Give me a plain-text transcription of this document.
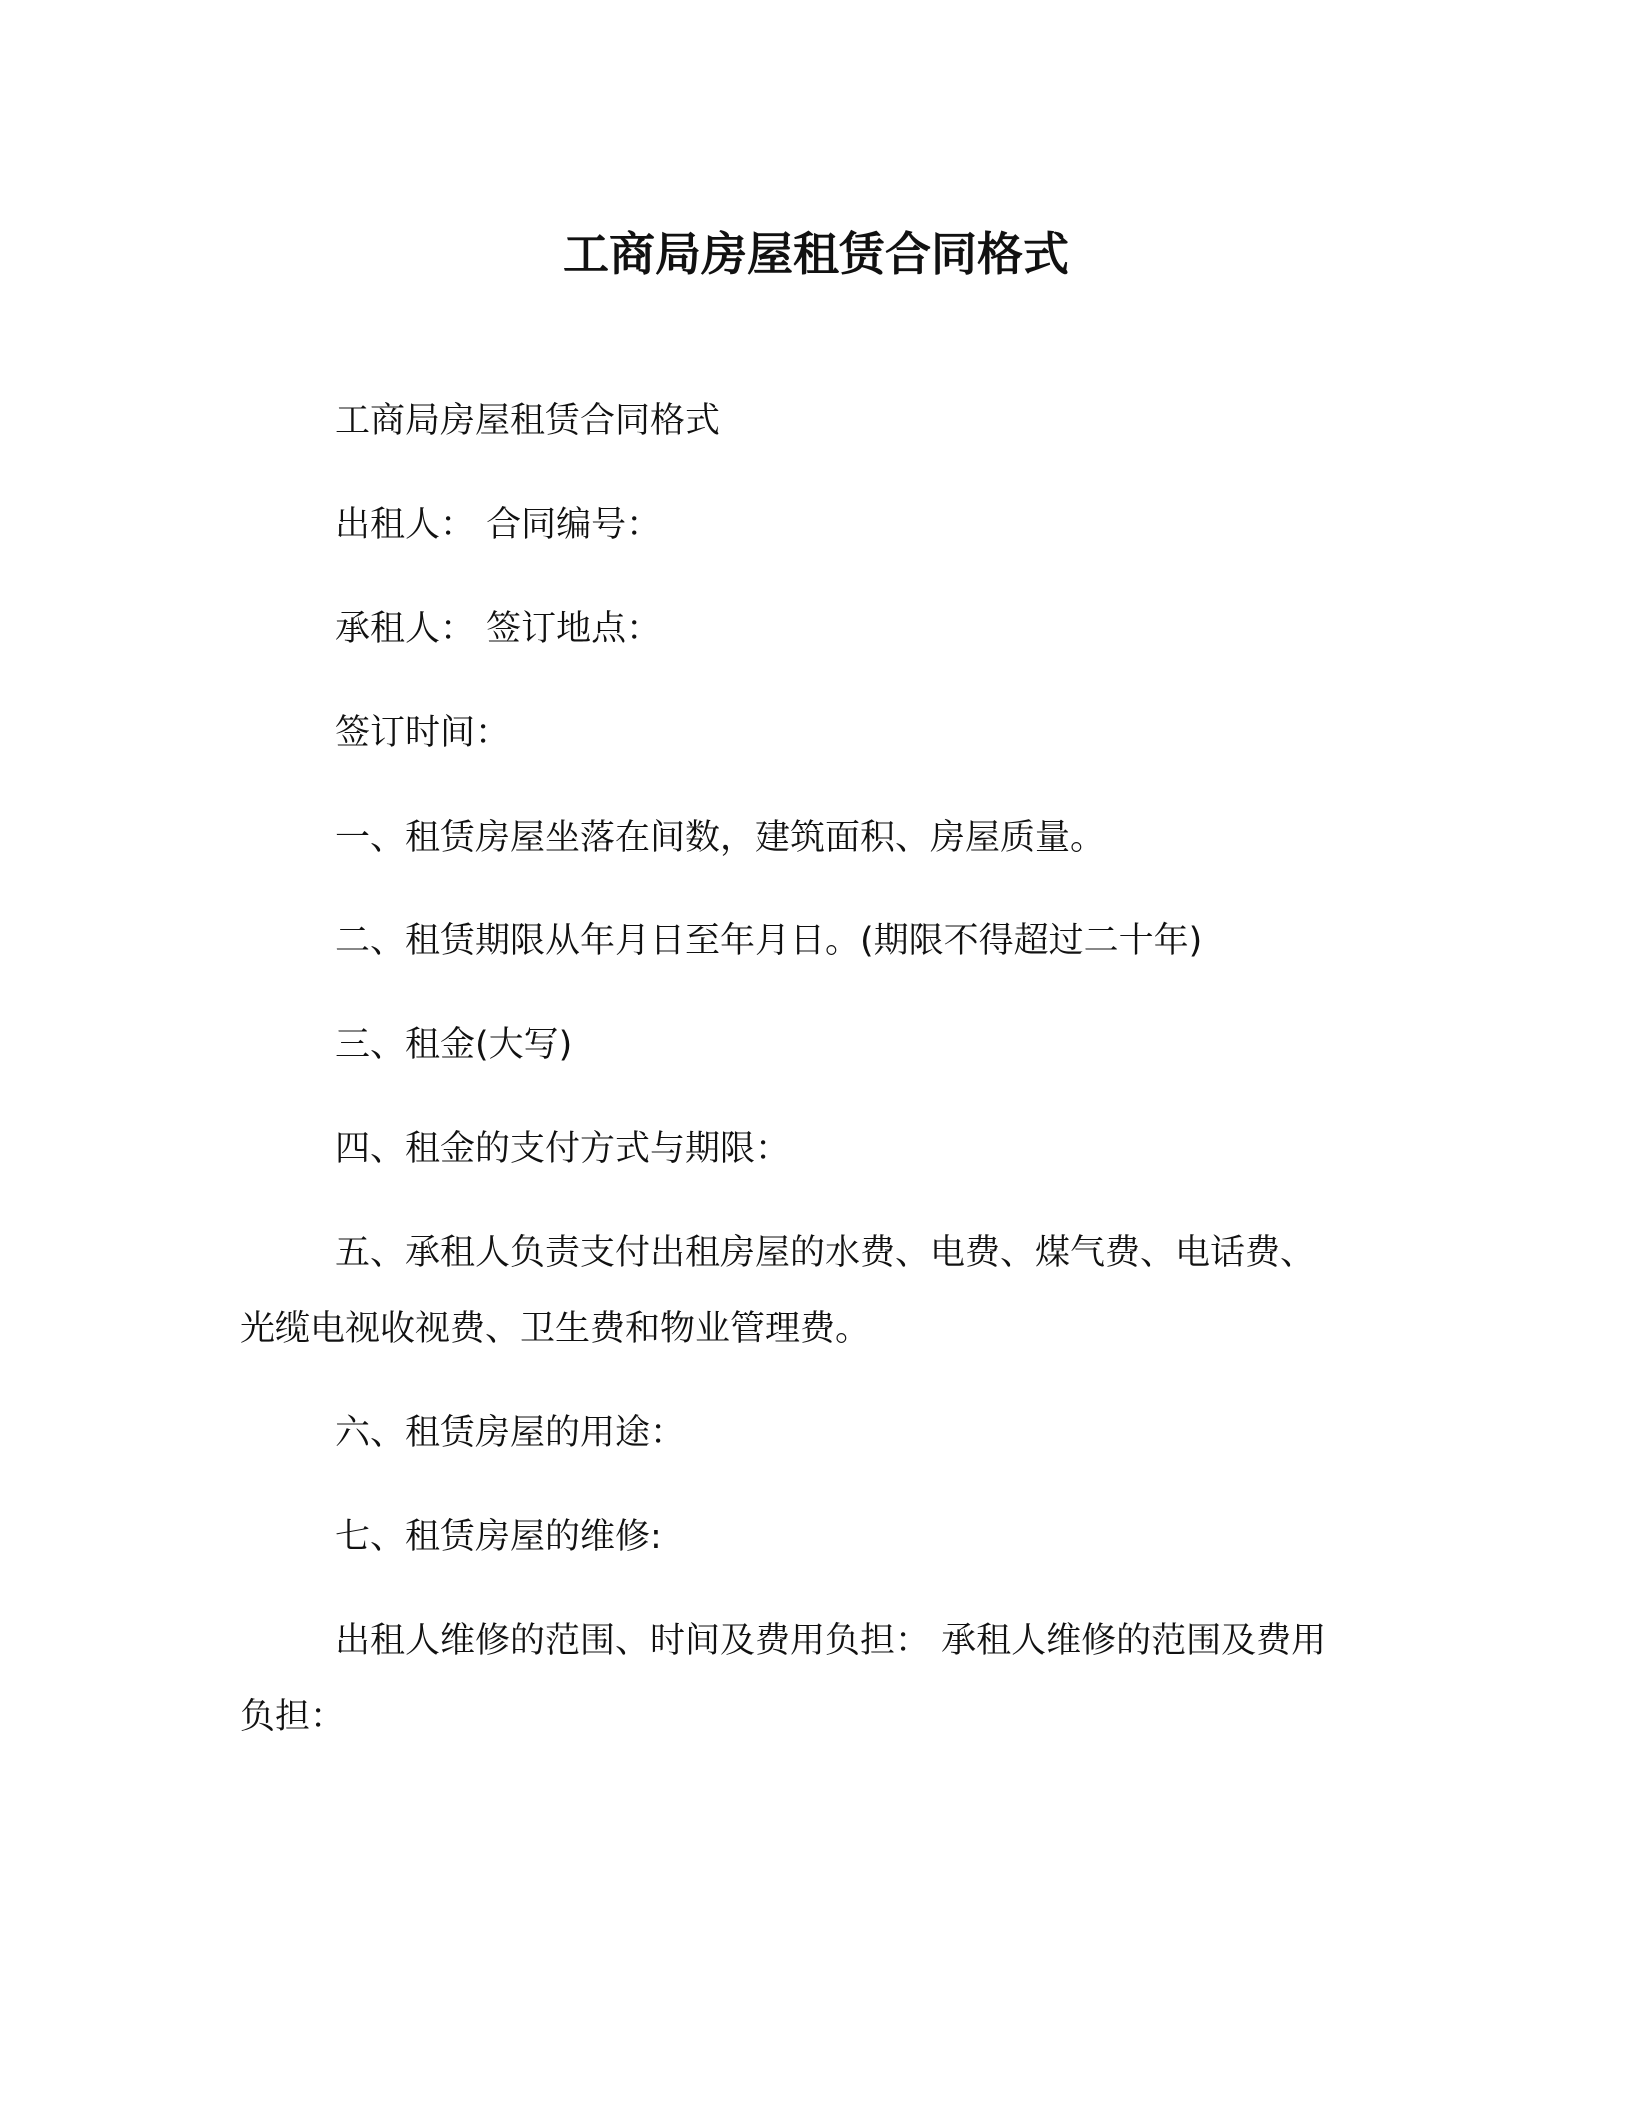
工商局房屋租赁合同格式
工商局房屋租赁合同格式
出租人： 合同编号：
承租人： 签订地点：
签订时间：
一、租赁房屋坐落在间数，建筑面积、房屋质量。
二、租赁期限从年月日至年月日。(期限不得超过二十年)
三、租金(大写)
四、租金的支付方式与期限：
五、承租人负责支付出租房屋的水费、电费、煤气费、电话费、
光缆电视收视费、卫生费和物业管理费。
六、租赁房屋的用途：
七、租赁房屋的维修:
出租人维修的范围、时间及费用负担： 承租人维修的范围及费用
负担：
